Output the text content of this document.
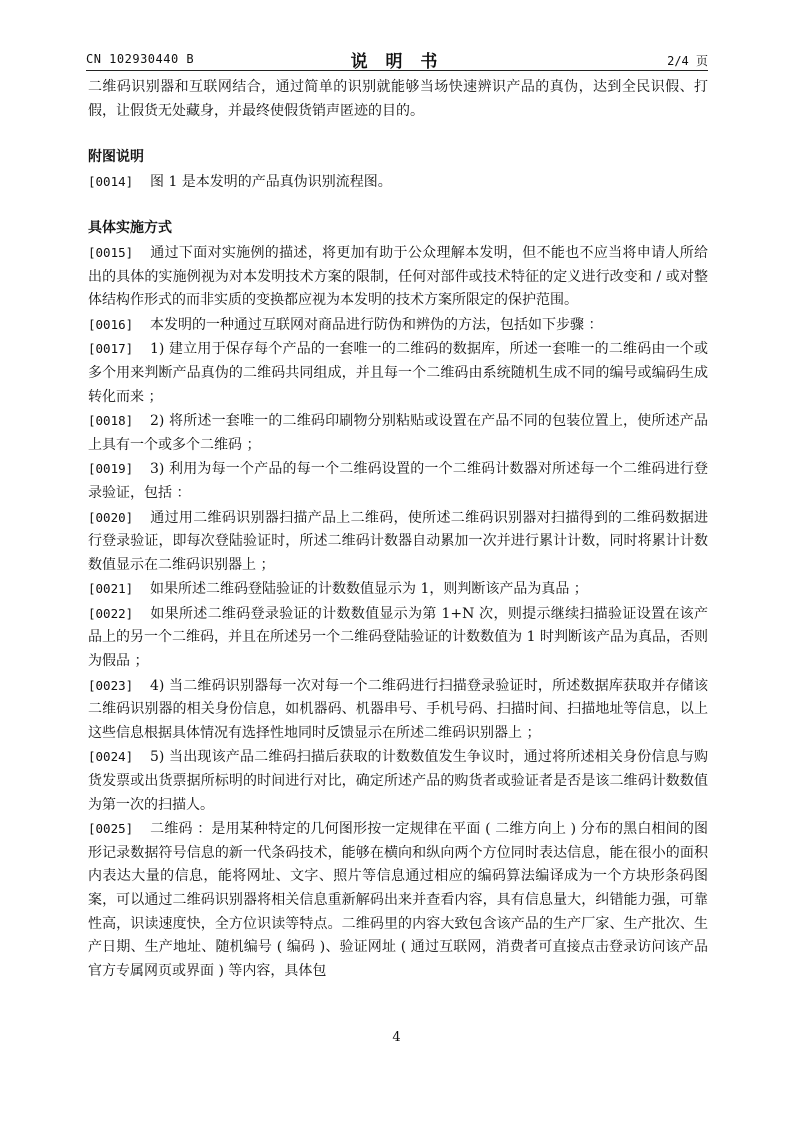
CN 102930440 B	说 明 书	2/4 页

二维码识别器和互联网结合，通过简单的识别就能够当场快速辨识产品的真伪，达到全民识假、打假，让假货无处藏身，并最终使假货销声匿迹的目的。

附图说明

[0014] 图 1 是本发明的产品真伪识别流程图。

具体实施方式

[0015] 通过下面对实施例的描述，将更加有助于公众理解本发明，但不能也不应当将申请人所给出的具体的实施例视为对本发明技术方案的限制，任何对部件或技术特征的定义进行改变和 / 或对整体结构作形式的而非实质的变换都应视为本发明的技术方案所限定的保护范围。

[0016] 本发明的一种通过互联网对商品进行防伪和辨伪的方法，包括如下步骤 ：

[0017] 1) 建立用于保存每个产品的一套唯一的二维码的数据库，所述一套唯一的二维码由一个或多个用来判断产品真伪的二维码共同组成，并且每一个二维码由系统随机生成不同的编号或编码生成转化而来 ；

[0018] 2) 将所述一套唯一的二维码印刷物分别粘贴或设置在产品不同的包装位置上，使所述产品上具有一个或多个二维码 ；

[0019] 3) 利用为每一个产品的每一个二维码设置的一个二维码计数器对所述每一个二维码进行登录验证，包括 ：

[0020] 通过用二维码识别器扫描产品上二维码，使所述二维码识别器对扫描得到的二维码数据进行登录验证，即每次登陆验证时，所述二维码计数器自动累加一次并进行累计计数，同时将累计计数数值显示在二维码识别器上 ；

[0021] 如果所述二维码登陆验证的计数数值显示为 1，则判断该产品为真品 ；

[0022] 如果所述二维码登录验证的计数数值显示为第 1+N 次，则提示继续扫描验证设置在该产品上的另一个二维码，并且在所述另一个二维码登陆验证的计数数值为 1 时判断该产品为真品，否则为假品 ；

[0023] 4) 当二维码识别器每一次对每一个二维码进行扫描登录验证时，所述数据库获取并存储该二维码识别器的相关身份信息，如机器码、机器串号、手机号码、扫描时间、扫描地址等信息，以上这些信息根据具体情况有选择性地同时反馈显示在所述二维码识别器上 ；

[0024] 5) 当出现该产品二维码扫描后获取的计数数值发生争议时，通过将所述相关身份信息与购货发票或出货票据所标明的时间进行对比，确定所述产品的购货者或验证者是否是该二维码计数数值为第一次的扫描人。

[0025] 二维码 ：是用某种特定的几何图形按一定规律在平面 ( 二维方向上 ) 分布的黑白相间的图形记录数据符号信息的新一代条码技术，能够在横向和纵向两个方位同时表达信息，能在很小的面积内表达大量的信息，能将网址、文字、照片等信息通过相应的编码算法编译成为一个方块形条码图案，可以通过二维码识别器将相关信息重新解码出来并查看内容，具有信息量大，纠错能力强，可靠性高，识读速度快，全方位识读等特点。二维码里的内容大致包含该产品的生产厂家、生产批次、生产日期、生产地址、随机编号 ( 编码 )、验证网址 ( 通过互联网，消费者可直接点击登录访问该产品官方专属网页或界面 ) 等内容，具体包

4
